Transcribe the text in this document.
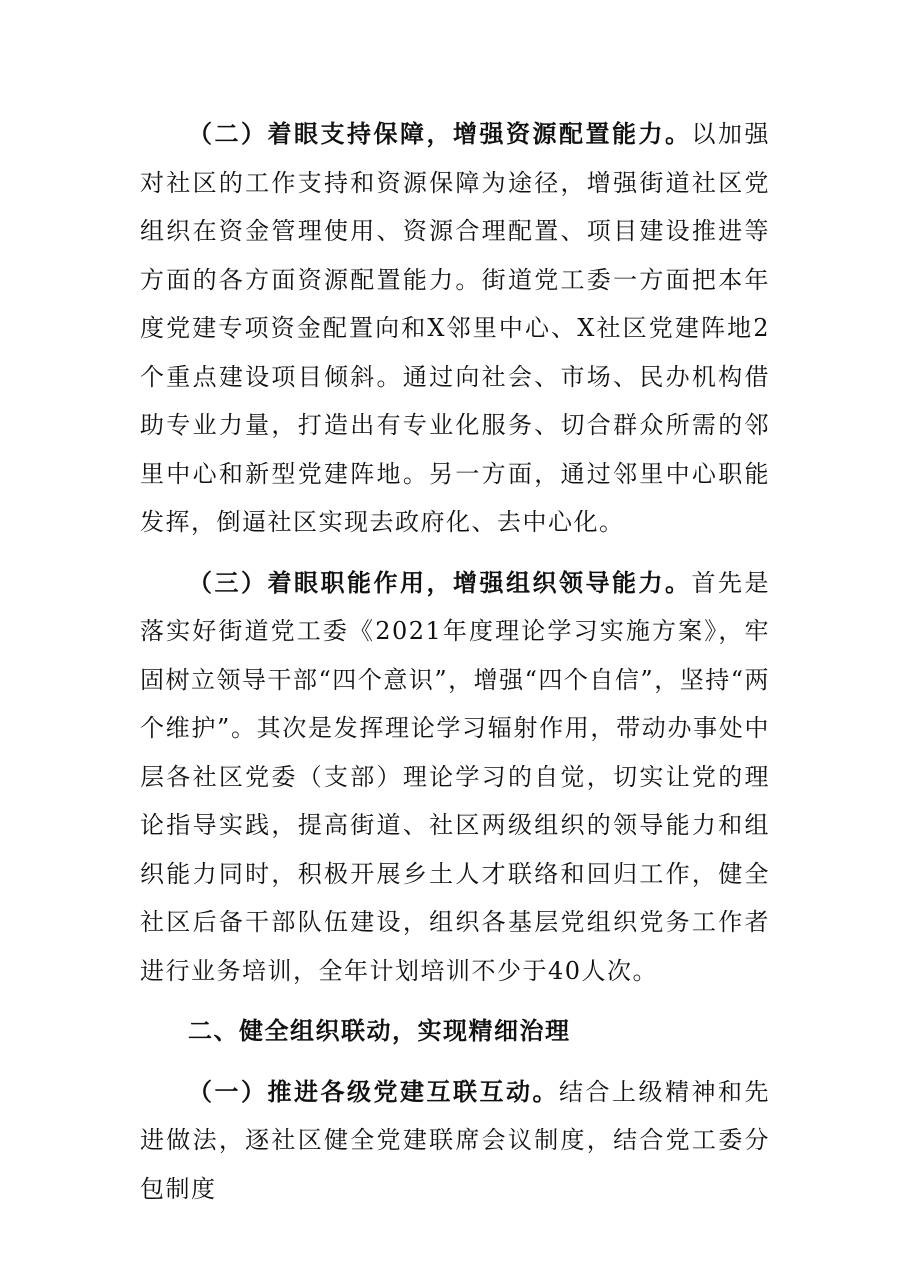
（二）着眼支持保障，增强资源配置能力。以加强对社区的工作支持和资源保障为途径，增强街道社区党组织在资金管理使用、资源合理配置、项目建设推进等方面的各方面资源配置能力。街道党工委一方面把本年度党建专项资金配置向和X邻里中心、X社区党建阵地2个重点建设项目倾斜。通过向社会、市场、民办机构借助专业力量，打造出有专业化服务、切合群众所需的邻里中心和新型党建阵地。另一方面，通过邻里中心职能发挥，倒逼社区实现去政府化、去中心化。

（三）着眼职能作用，增强组织领导能力。首先是落实好街道党工委《2021年度理论学习实施方案》，牢固树立领导干部“四个意识”，增强“四个自信”，坚持“两个维护”。其次是发挥理论学习辐射作用，带动办事处中层各社区党委（支部）理论学习的自觉，切实让党的理论指导实践，提高街道、社区两级组织的领导能力和组织能力同时，积极开展乡土人才联络和回归工作，健全社区后备干部队伍建设，组织各基层党组织党务工作者进行业务培训，全年计划培训不少于40人次。

二、健全组织联动，实现精细治理

（一）推进各级党建互联互动。结合上级精神和先进做法，逐社区健全党建联席会议制度，结合党工委分包制度
